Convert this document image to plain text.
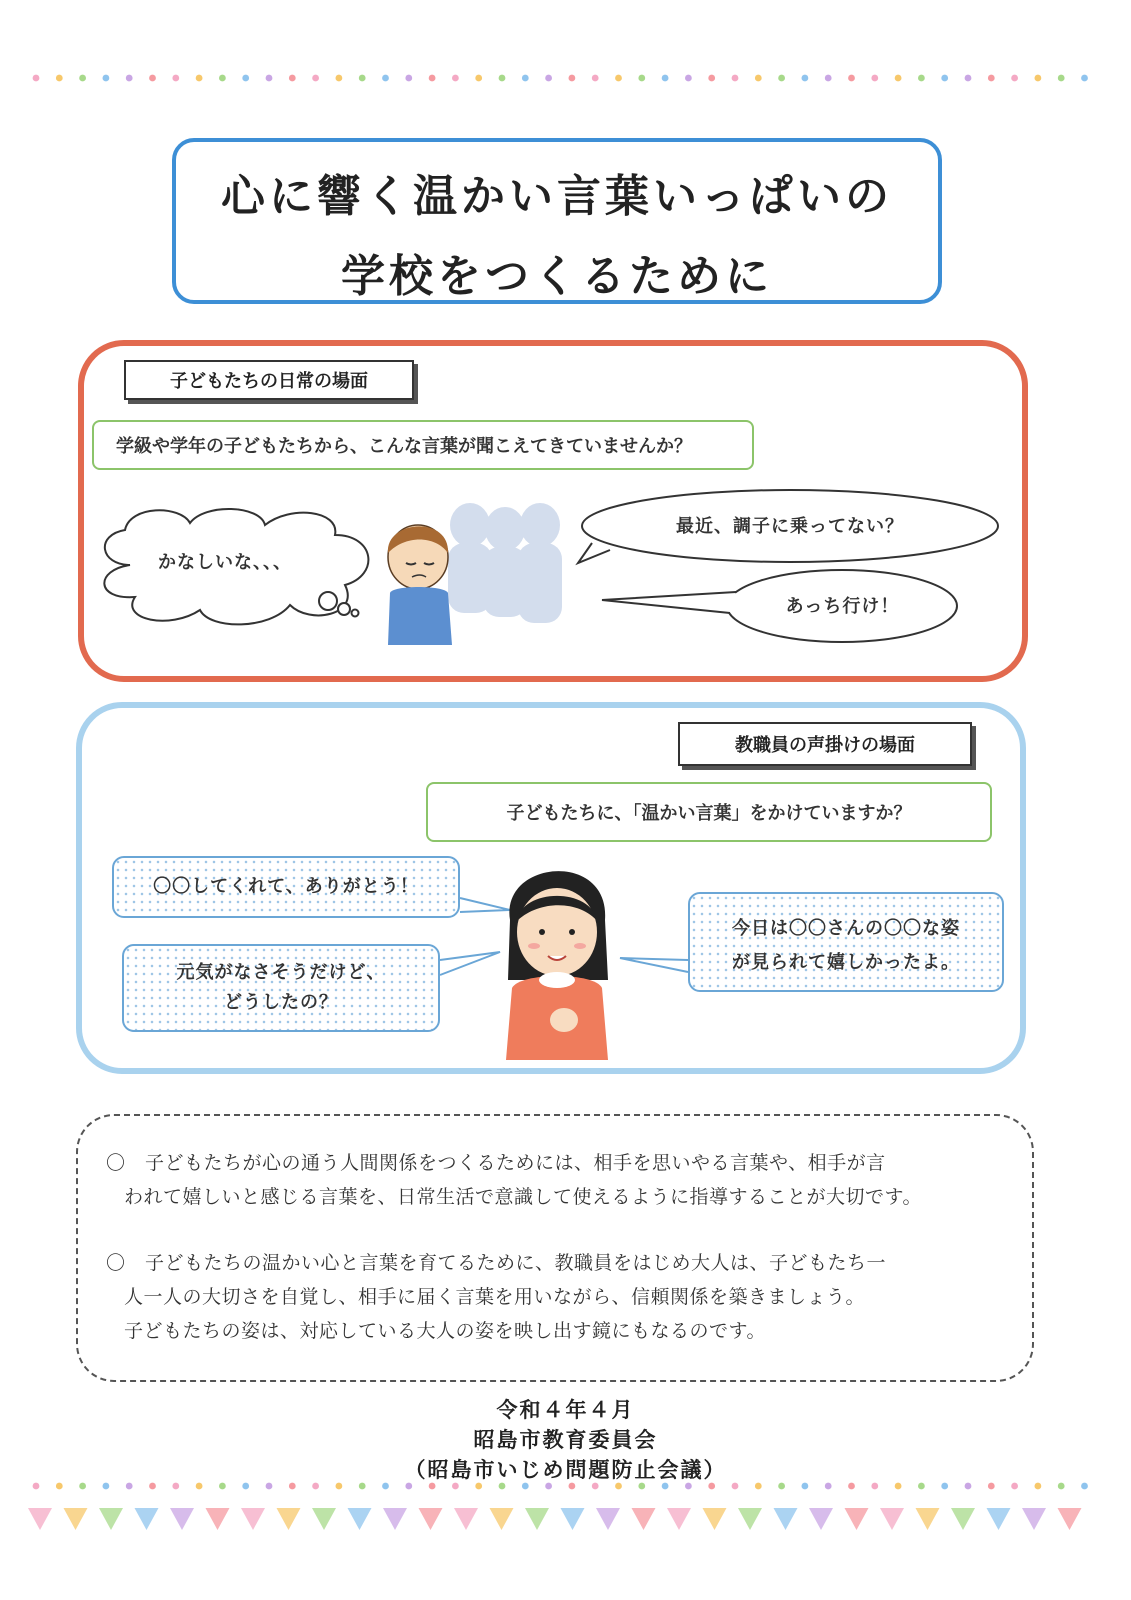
心に響く温かい言葉いっぱいの
学校をつくるために
子どもたちの日常の場面
学級や学年の子どもたちから、こんな言葉が聞こえてきていませんか？
かなしいな、、、
最近、調子に乗ってない？
あっち行け！
教職員の声掛けの場面
子どもたちに、「温かい言葉」をかけていますか？
〇〇してくれて、ありがとう！
元気がなさそうだけど、
どうしたの？
今日は〇〇さんの〇〇な姿
が見られて嬉しかったよ。
〇　子どもたちが心の通う人間関係をつくるためには、相手を思いやる言葉や、相手が言
われて嬉しいと感じる言葉を、日常生活で意識して使えるように指導することが大切です。
〇　子どもたちの温かい心と言葉を育てるために、教職員をはじめ大人は、子どもたち一
人一人の大切さを自覚し、相手に届く言葉を用いながら、信頼関係を築きましょう。
子どもたちの姿は、対応している大人の姿を映し出す鏡にもなるのです。
令和４年４月
昭島市教育委員会
（昭島市いじめ問題防止会議）
